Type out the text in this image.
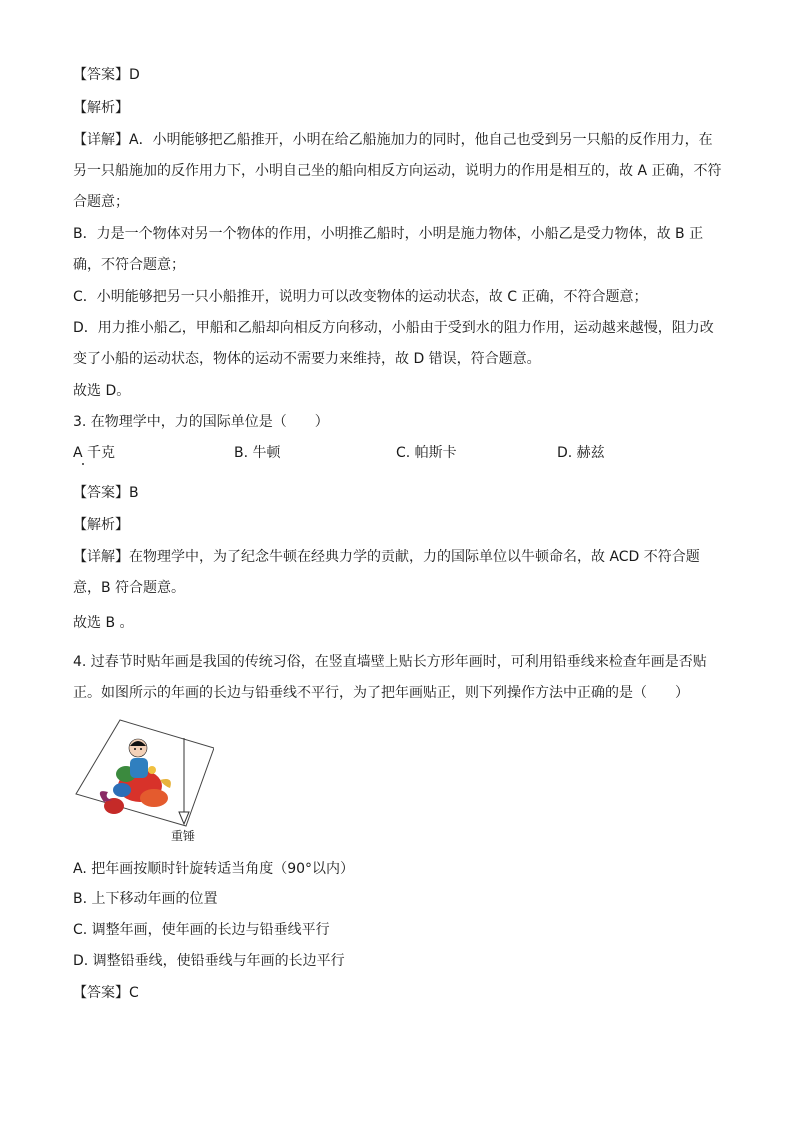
【答案】D
【解析】
【详解】A．小明能够把乙船推开，小明在给乙船施加力的同时，他自己也受到另一只船的反作用力，在
另一只船施加的反作用力下，小明自己坐的船向相反方向运动，说明力的作用是相互的，故 A 正确，不符
合题意；
B．力是一个物体对另一个物体的作用，小明推乙船时，小明是施力物体，小船乙是受力物体，故 B 正
确，不符合题意；
C．小明能够把另一只小船推开，说明力可以改变物体的运动状态，故 C 正确，不符合题意；
D．用力推小船乙，甲船和乙船却向相反方向移动，小船由于受到水的阻力作用，运动越来越慢，阻力改
变了小船的运动状态，物体的运动不需要力来维持，故 D 错误，符合题意。
故选 D。
3. 在物理学中，力的国际单位是（　　）
A 千克	B. 牛顿	C. 帕斯卡	D. 赫兹
【答案】B
【解析】
【详解】在物理学中，为了纪念牛顿在经典力学的贡献，力的国际单位以牛顿命名，故 ACD 不符合题
意，B 符合题意。
故选 B 。
4. 过春节时贴年画是我国的传统习俗，在竖直墙壁上贴长方形年画时，可利用铅垂线来检查年画是否贴
正。如图所示的年画的长边与铅垂线不平行，为了把年画贴正，则下列操作方法中正确的是（　　）
重锤
A. 把年画按顺时针旋转适当角度（90°以内）
B. 上下移动年画的位置
C. 调整年画，使年画的长边与铅垂线平行
D. 调整铅垂线，使铅垂线与年画的长边平行
【答案】C
